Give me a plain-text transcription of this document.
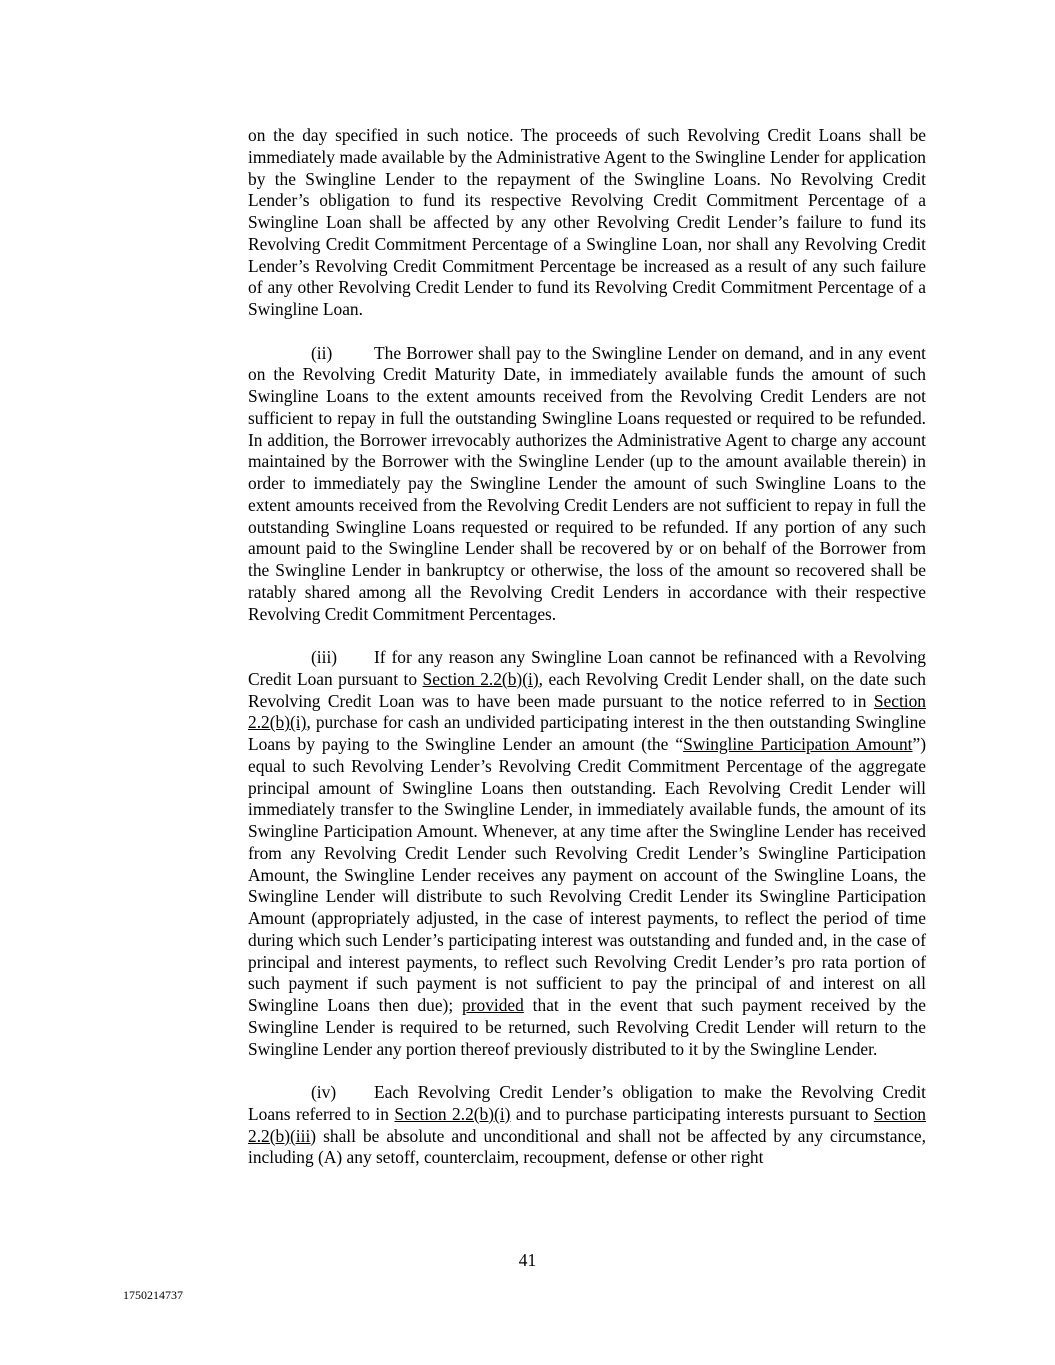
on the day specified in such notice. The proceeds of such Revolving Credit Loans shall be immediately made available by the Administrative Agent to the Swingline Lender for application by the Swingline Lender to the repayment of the Swingline Loans. No Revolving Credit Lender’s obligation to fund its respective Revolving Credit Commitment Percentage of a Swingline Loan shall be affected by any other Revolving Credit Lender’s failure to fund its Revolving Credit Commitment Percentage of a Swingline Loan, nor shall any Revolving Credit Lender’s Revolving Credit Commitment Percentage be increased as a result of any such failure of any other Revolving Credit Lender to fund its Revolving Credit Commitment Percentage of a Swingline Loan.

(ii) The Borrower shall pay to the Swingline Lender on demand, and in any event on the Revolving Credit Maturity Date, in immediately available funds the amount of such Swingline Loans to the extent amounts received from the Revolving Credit Lenders are not sufficient to repay in full the outstanding Swingline Loans requested or required to be refunded. In addition, the Borrower irrevocably authorizes the Administrative Agent to charge any account maintained by the Borrower with the Swingline Lender (up to the amount available therein) in order to immediately pay the Swingline Lender the amount of such Swingline Loans to the extent amounts received from the Revolving Credit Lenders are not sufficient to repay in full the outstanding Swingline Loans requested or required to be refunded. If any portion of any such amount paid to the Swingline Lender shall be recovered by or on behalf of the Borrower from the Swingline Lender in bankruptcy or otherwise, the loss of the amount so recovered shall be ratably shared among all the Revolving Credit Lenders in accordance with their respective Revolving Credit Commitment Percentages.

(iii) If for any reason any Swingline Loan cannot be refinanced with a Revolving Credit Loan pursuant to Section 2.2(b)(i), each Revolving Credit Lender shall, on the date such Revolving Credit Loan was to have been made pursuant to the notice referred to in Section 2.2(b)(i), purchase for cash an undivided participating interest in the then outstanding Swingline Loans by paying to the Swingline Lender an amount (the “Swingline Participation Amount”) equal to such Revolving Lender’s Revolving Credit Commitment Percentage of the aggregate principal amount of Swingline Loans then outstanding. Each Revolving Credit Lender will immediately transfer to the Swingline Lender, in immediately available funds, the amount of its Swingline Participation Amount. Whenever, at any time after the Swingline Lender has received from any Revolving Credit Lender such Revolving Credit Lender’s Swingline Participation Amount, the Swingline Lender receives any payment on account of the Swingline Loans, the Swingline Lender will distribute to such Revolving Credit Lender its Swingline Participation Amount (appropriately adjusted, in the case of interest payments, to reflect the period of time during which such Lender’s participating interest was outstanding and funded and, in the case of principal and interest payments, to reflect such Revolving Credit Lender’s pro rata portion of such payment if such payment is not sufficient to pay the principal of and interest on all Swingline Loans then due); provided that in the event that such payment received by the Swingline Lender is required to be returned, such Revolving Credit Lender will return to the Swingline Lender any portion thereof previously distributed to it by the Swingline Lender.

(iv) Each Revolving Credit Lender’s obligation to make the Revolving Credit Loans referred to in Section 2.2(b)(i) and to purchase participating interests pursuant to Section 2.2(b)(iii) shall be absolute and unconditional and shall not be affected by any circumstance, including (A) any setoff, counterclaim, recoupment, defense or other right

41
1750214737
